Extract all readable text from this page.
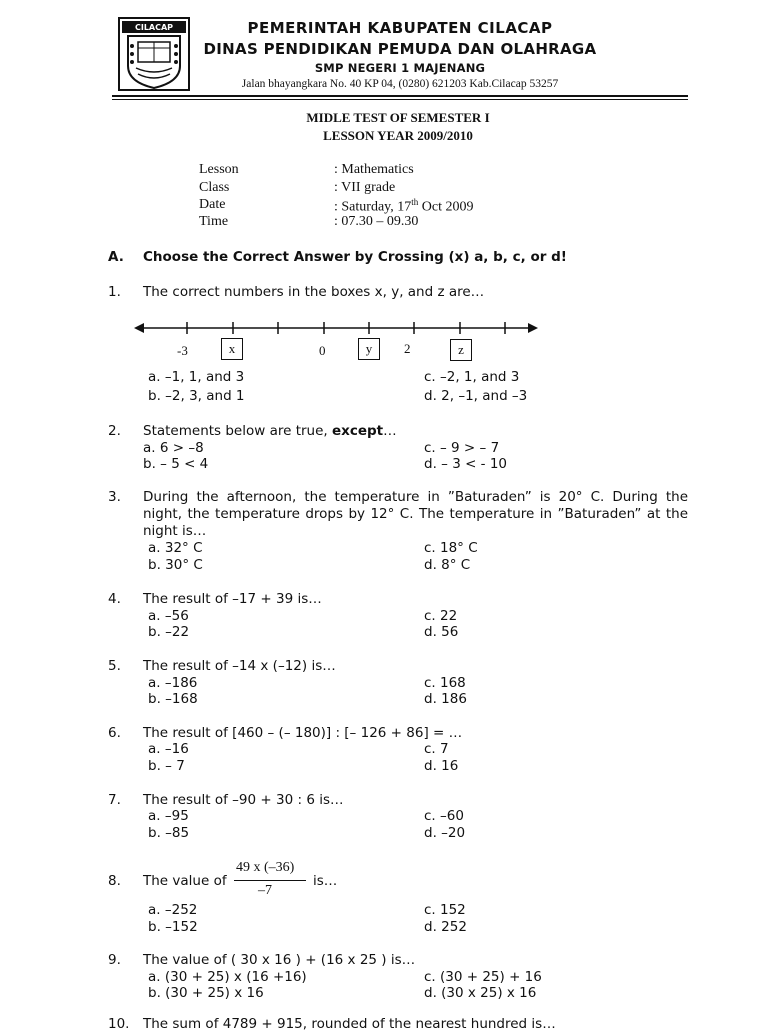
CILACAP	PEMERINTAH KABUPATEN CILACAP
DINAS PENDIDIKAN PEMUDA DAN OLAHRAGA
SMP NEGERI 1 MAJENANG
Jalan bhayangkara No. 40 KP 04, (0280) 621203 Kab.Cilacap 53257
MIDLE TEST OF SEMESTER I
LESSON YEAR 2009/2010
Lesson	: Mathematics
Class	: VII grade
Date	: Saturday, 17th Oct 2009
Time	: 07.30 – 09.30
A. Choose the Correct Answer by Crossing (x) a, b, c, or d!
1. The correct numbers in the boxes x, y, and z are…
-3	x	0	y	2	z
a. –1, 1, and 3
b. –2, 3, and 1
c. –2, 1, and 3
d. 2, –1, and –3
2. Statements below are true, except…
a. 6 > –8
b. – 5 < 4
c. – 9 > – 7
d. – 3 < - 10
3. During the afternoon, the temperature in ”Baturaden” is 20° C. During the night, the temperature drops by 12° C. The temperature in ”Baturaden” at the night is…
a. 32° C
b. 30° C
c. 18° C
d. 8° C
4. The result of –17 + 39 is…
a. –56
b. –22
c. 22
d. 56
5. The result of –14 x (–12) is…
a. –186
b. –168
c. 168
d. 186
6. The result of [460 – (– 180)] : [– 126 + 86] = …
a. –16
b. – 7
c. 7
d. 16
7. The result of –90 + 30 : 6 is…
a. –95
b. –85
c. –60
d. –20
8. The value of
49 x (–36)
–7
is…
a. –252
b. –152
c. 152
d. 252
9. The value of ( 30 x 16 ) + (16 x 25 ) is…
a. (30 + 25) x (16 +16)
b. (30 + 25) x 16
c. (30 + 25) + 16
d. (30 x 25) x 16
10. The sum of 4789 + 915, rounded of the nearest hundred is…
